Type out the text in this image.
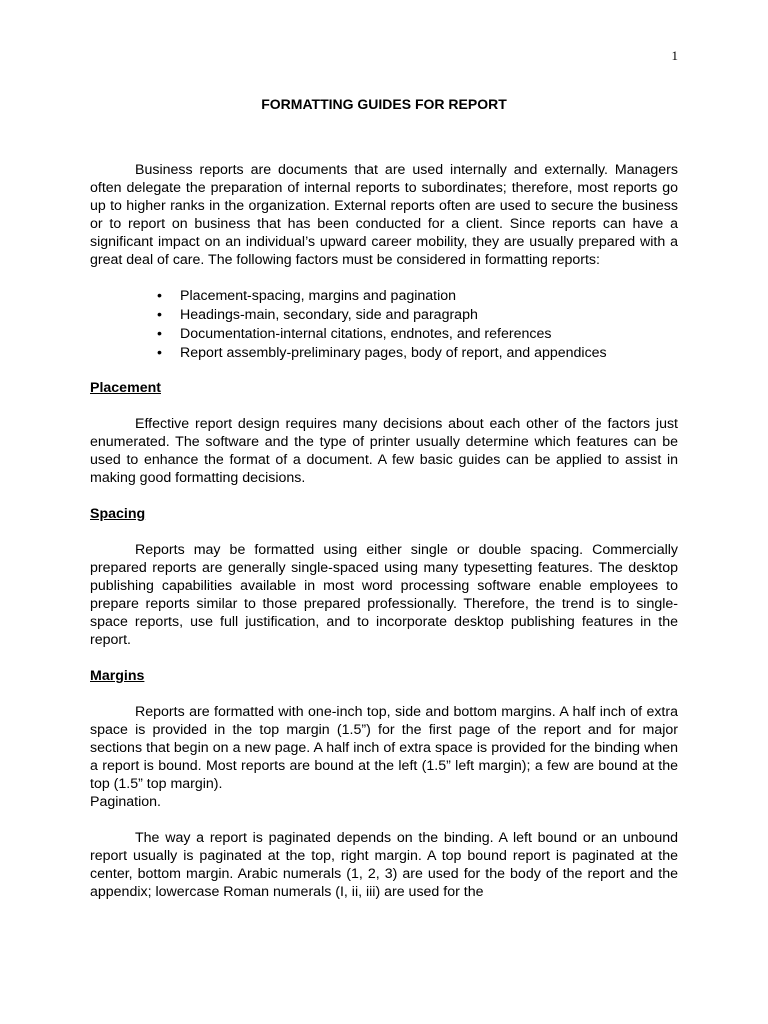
1
FORMATTING GUIDES FOR REPORT

Business reports are documents that are used internally and externally. Managers often delegate the preparation of internal reports to subordinates; therefore, most reports go up to higher ranks in the organization. External reports often are used to secure the business or to report on business that has been conducted for a client. Since reports can have a significant impact on an individual’s upward career mobility, they are usually prepared with a great deal of care. The following factors must be considered in formatting reports:

• Placement-spacing, margins and pagination
• Headings-main, secondary, side and paragraph
• Documentation-internal citations, endnotes, and references
• Report assembly-preliminary pages, body of report, and appendices
Placement

Effective report design requires many decisions about each other of the factors just enumerated. The software and the type of printer usually determine which features can be used to enhance the format of a document. A few basic guides can be applied to assist in making good formatting decisions.

Spacing

Reports may be formatted using either single or double spacing. Commercially prepared reports are generally single-spaced using many typesetting features. The desktop publishing capabilities available in most word processing software enable employees to prepare reports similar to those prepared professionally. Therefore, the trend is to single-space reports, use full justification, and to incorporate desktop publishing features in the report.

Margins

Reports are formatted with one-inch top, side and bottom margins. A half inch of extra space is provided in the top margin (1.5”) for the first page of the report and for major sections that begin on a new page. A half inch of extra space is provided for the binding when a report is bound. Most reports are bound at the left (1.5” left margin); a few are bound at the top (1.5” top margin).

Pagination.

The way a report is paginated depends on the binding. A left bound or an unbound report usually is paginated at the top, right margin. A top bound report is paginated at the center, bottom margin. Arabic numerals (1, 2, 3) are used for the body of the report and the appendix; lowercase Roman numerals (I, ii, iii) are used for the
